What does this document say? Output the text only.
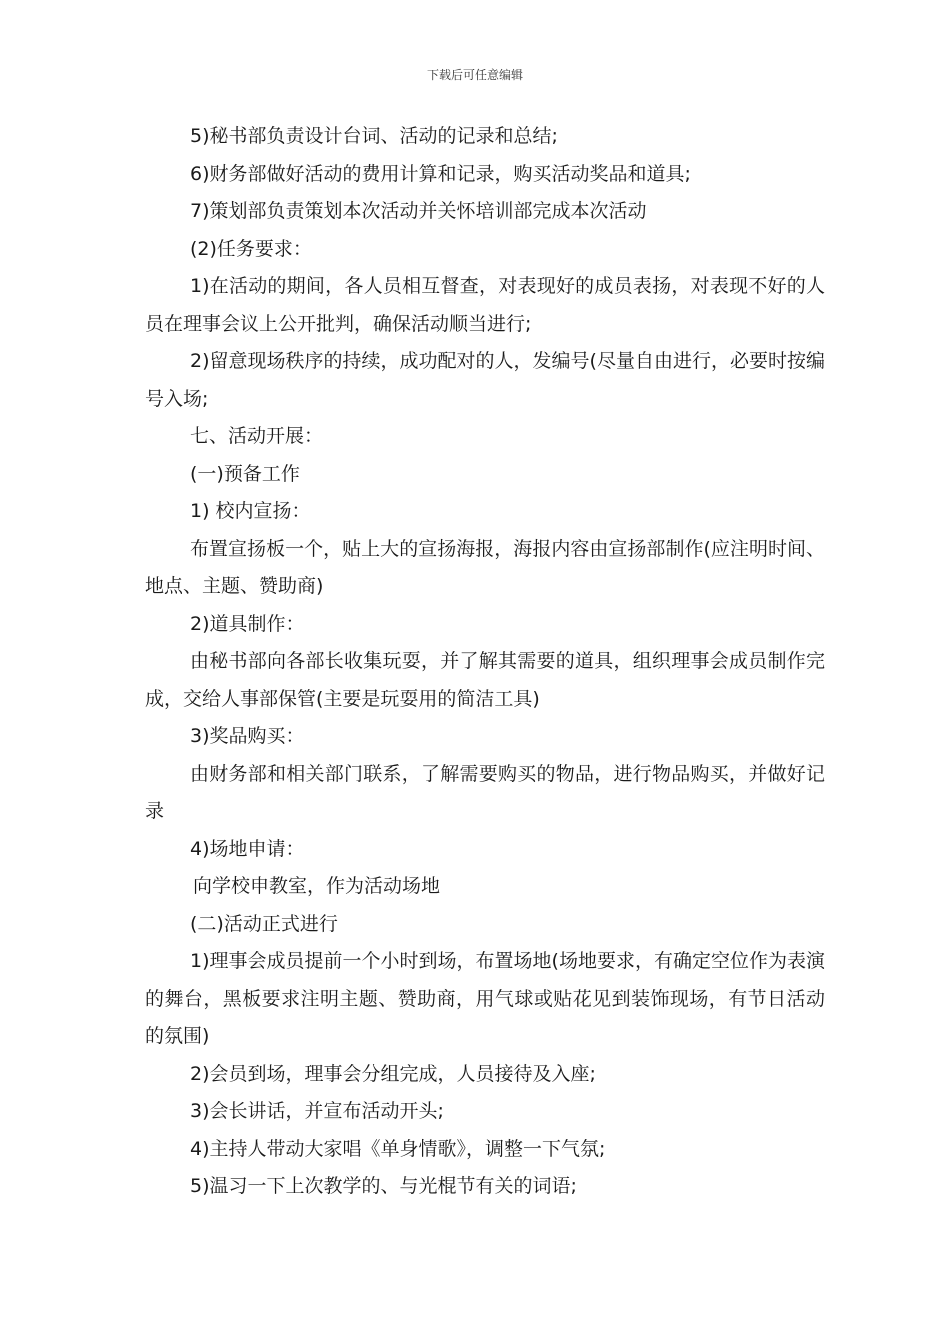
下载后可任意编辑

5)秘书部负责设计台词、活动的记录和总结;

6)财务部做好活动的费用计算和记录，购买活动奖品和道具;

7)策划部负责策划本次活动并关怀培训部完成本次活动

(2)任务要求：

1)在活动的期间，各人员相互督查，对表现好的成员表扬，对表现不好的人员在理事会议上公开批判，确保活动顺当进行;

2)留意现场秩序的持续，成功配对的人，发编号(尽量自由进行，必要时按编号入场;

七、活动开展：

(一)预备工作

1) 校内宣扬：

布置宣扬板一个，贴上大的宣扬海报，海报内容由宣扬部制作(应注明时间、地点、主题、赞助商)

2)道具制作：

由秘书部向各部长收集玩耍，并了解其需要的道具，组织理事会成员制作完成，交给人事部保管(主要是玩耍用的简洁工具)

3)奖品购买：

由财务部和相关部门联系，了解需要购买的物品，进行物品购买，并做好记录

4)场地申请：

向学校申教室，作为活动场地

(二)活动正式进行

1)理事会成员提前一个小时到场，布置场地(场地要求，有确定空位作为表演的舞台，黑板要求注明主题、赞助商，用气球或贴花见到装饰现场，有节日活动的氛围)

2)会员到场，理事会分组完成，人员接待及入座;

3)会长讲话，并宣布活动开头;

4)主持人带动大家唱《单身情歌》，调整一下气氛;

5)温习一下上次教学的、与光棍节有关的词语;
